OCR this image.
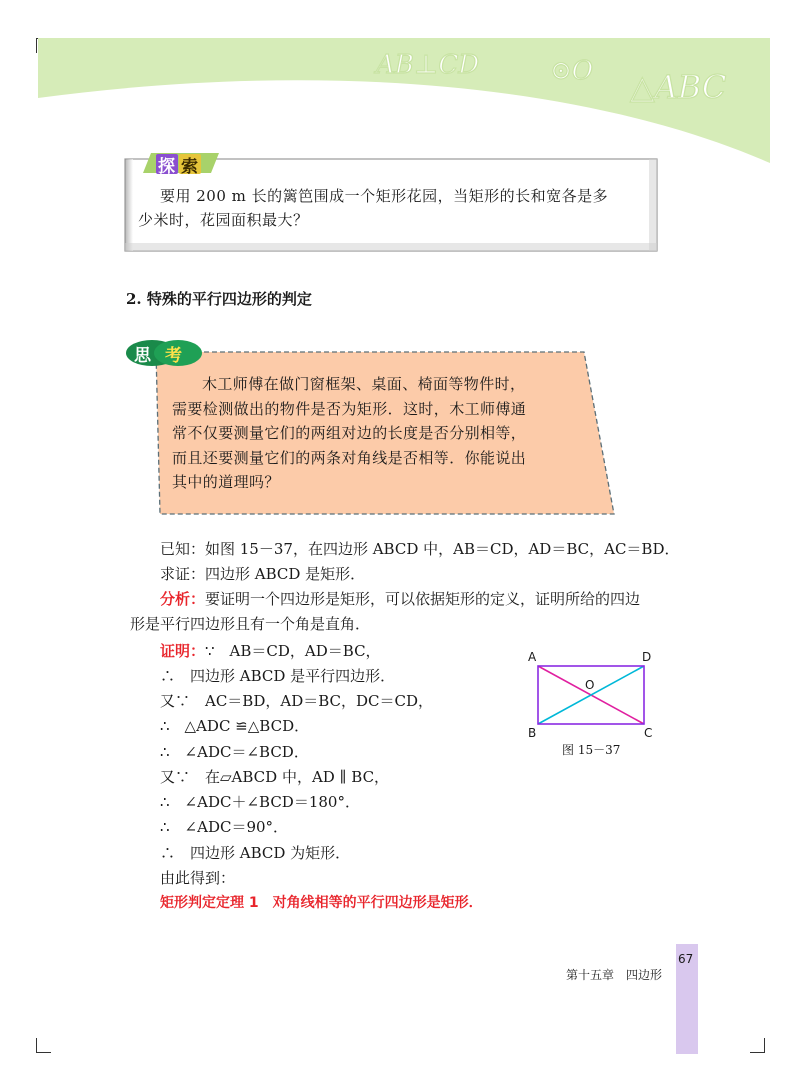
AB⊥CD	⊙O △ABC
探 索
要用 200 m 长的篱笆围成一个矩形花园，当矩形的长和宽各是多少米时，花园面积最大？
2. 特殊的平行四边形的判定
思 考
木工师傅在做门窗框架、桌面、椅面等物件时，
需要检测做出的物件是否为矩形．这时，木工师傅通
常不仅要测量它们的两组对边的长度是否分别相等，
而且还要测量它们的两条对角线是否相等．你能说出
其中的道理吗？
已知：如图 15－37，在四边形 ABCD 中，AB＝CD，AD＝BC，AC＝BD．
求证：四边形 ABCD 是矩形．
分析：要证明一个四边形是矩形，可以依据矩形的定义，证明所给的四边
形是平行四边形且有一个角是直角．
证明：∵　AB＝CD，AD＝BC，
∴　四边形 ABCD 是平行四边形．
又∵　AC＝BD，AD＝BC，DC＝CD，
∴　△ADC ≌△BCD．
∴　∠ADC＝∠BCD．
又∵　在▱ABCD 中，AD ∥ BC，
∴　∠ADC＋∠BCD＝180°．
∴　∠ADC＝90°．
∴　四边形 ABCD 为矩形．
由此得到：
矩形判定定理 1　对角线相等的平行四边形是矩形．
A	D
B	C
O
图 15－37
67
第十五章　四边形
